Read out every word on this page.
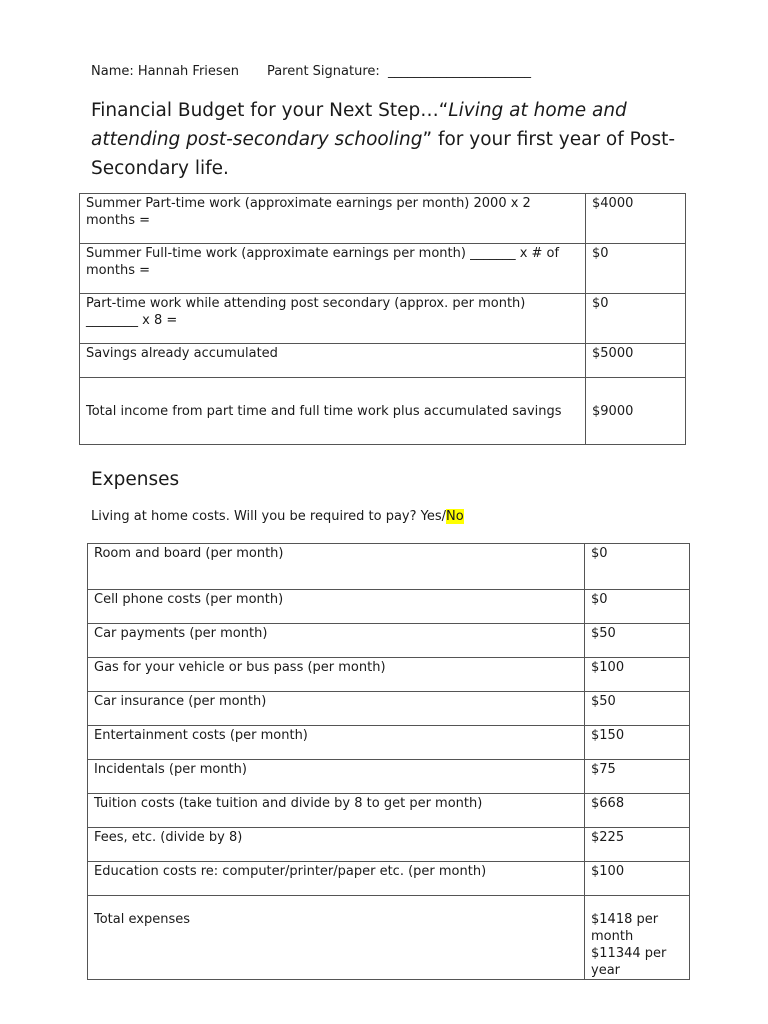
Name: Hannah Friesen Parent Signature: ______________________
Financial Budget for your Next Step…“Living at home and attending post-secondary schooling” for your first year of Post-Secondary life.
Summer Part-time work (approximate earnings per month) 2000 x 2 months =	$4000
Summer Full-time work (approximate earnings per month) _______ x # of months =	$0
Part-time work while attending post secondary (approx. per month) ________ x 8 =	$0
Savings already accumulated	$5000
Total income from part time and full time work plus accumulated savings	$9000
Expenses
Living at home costs. Will you be required to pay? Yes/No
Room and board (per month)	$0
Cell phone costs (per month)	$0
Car payments (per month)	$50
Gas for your vehicle or bus pass (per month)	$100
Car insurance (per month)	$50
Entertainment costs (per month)	$150
Incidentals (per month)	$75
Tuition costs (take tuition and divide by 8 to get per month)	$668
Fees, etc. (divide by 8)	$225
Education costs re: computer/printer/paper etc. (per month)	$100
Total expenses	$1418 per month
$11344 per year
